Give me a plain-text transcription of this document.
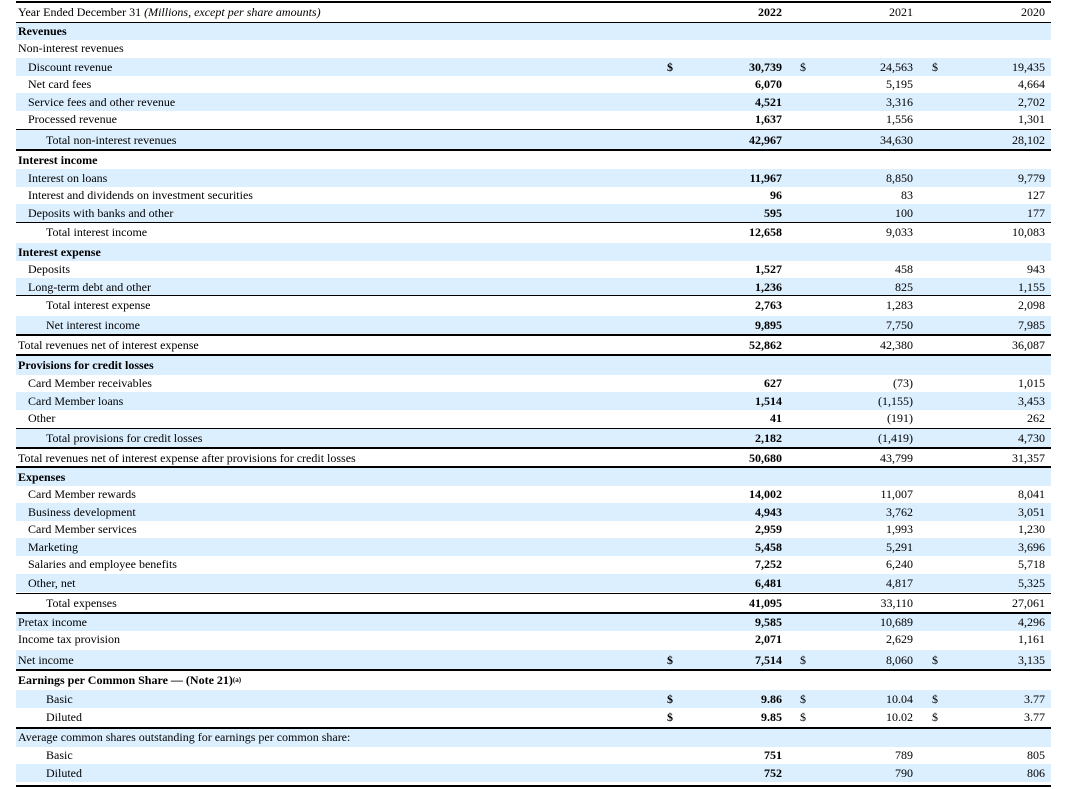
Year Ended December 31
(Millions, except per share amounts)	2022	2021	2020
Revenues
Non-interest revenues
Discount revenue	$	30,739 $	24,563 $	19,435
Net card fees	6,070	5,195	4,664
Service fees and other revenue	4,521	3,316	2,702
Processed revenue	1,637	1,556	1,301
Total non-interest revenues	42,967	34,630	28,102
Interest income
Interest on loans	11,967	8,850	9,779
Interest and dividends on investment securities	96	83	127
Deposits with banks and other	595	100	177
Total interest income	12,658	9,033	10,083
Interest expense
Deposits	1,527	458	943
Long-term debt and other	1,236	825	1,155
Total interest expense	2,763	1,283	2,098
Net interest income	9,895	7,750	7,985
Total revenues net of interest expense	52,862	42,380	36,087
Provisions for credit losses
Card Member receivables	627	(73)	1,015
Card Member loans	1,514	(1,155)	3,453
Other	41	(191)	262
Total provisions for credit losses	2,182	(1,419)	4,730
Total revenues net of interest expense after provisions for credit losses	50,680	43,799	31,357
Expenses
Card Member rewards	14,002	11,007	8,041
Business development	4,943	3,762	3,051
Card Member services	2,959	1,993	1,230
Marketing	5,458	5,291	3,696
Salaries and employee benefits	7,252	6,240	5,718
Other, net	6,481	4,817	5,325
Total expenses	41,095	33,110	27,061
Pretax income	9,585	10,689	4,296
Income tax provision	2,071	2,629	1,161
Net income	$	7,514 $	8,060 $	3,135
Earnings per Common Share — (Note 21) (a)
Basic	$	9.86 $	10.04 $	3.77
Diluted	$	9.85 $	10.02 $	3.77
Average common shares outstanding for earnings per common share:
Basic	751	789	805
Diluted	752	790	806
